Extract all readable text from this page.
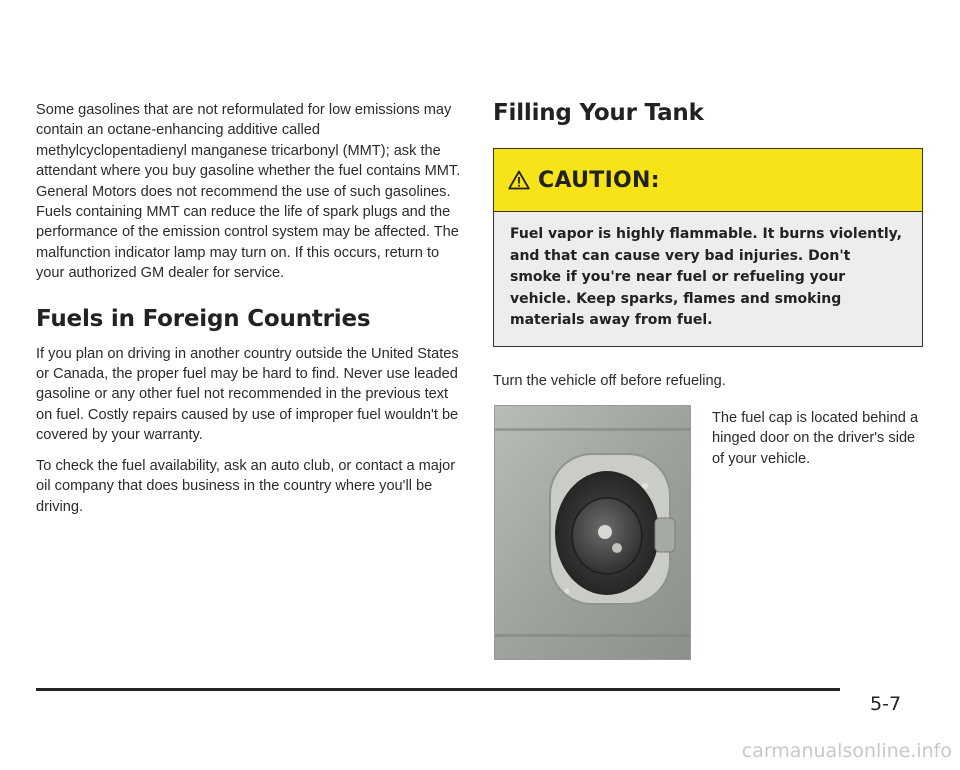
Some gasolines that are not reformulated for low emissions may contain an octane-enhancing additive called methylcyclopentadienyl manganese tricarbonyl (MMT); ask the attendant where you buy gasoline whether the fuel contains MMT. General Motors does not recommend the use of such gasolines. Fuels containing MMT can reduce the life of spark plugs and the performance of the emission control system may be affected. The malfunction indicator lamp may turn on. If this occurs, return to your authorized GM dealer for service.

Fuels in Foreign Countries

If you plan on driving in another country outside the United States or Canada, the proper fuel may be hard to find. Never use leaded gasoline or any other fuel not recommended in the previous text on fuel. Costly repairs caused by use of improper fuel wouldn't be covered by your warranty.

To check the fuel availability, ask an auto club, or contact a major oil company that does business in the country where you'll be driving.

Filling Your Tank
CAUTION:
Fuel vapor is highly flammable. It burns violently, and that can cause very bad injuries. Don't smoke if you're near fuel or refueling your vehicle. Keep sparks, flames and smoking materials away from fuel.

Turn the vehicle off before refueling.

The fuel cap is located behind a hinged door on the driver's side of your vehicle.

5-7
carmanualsonline.info
